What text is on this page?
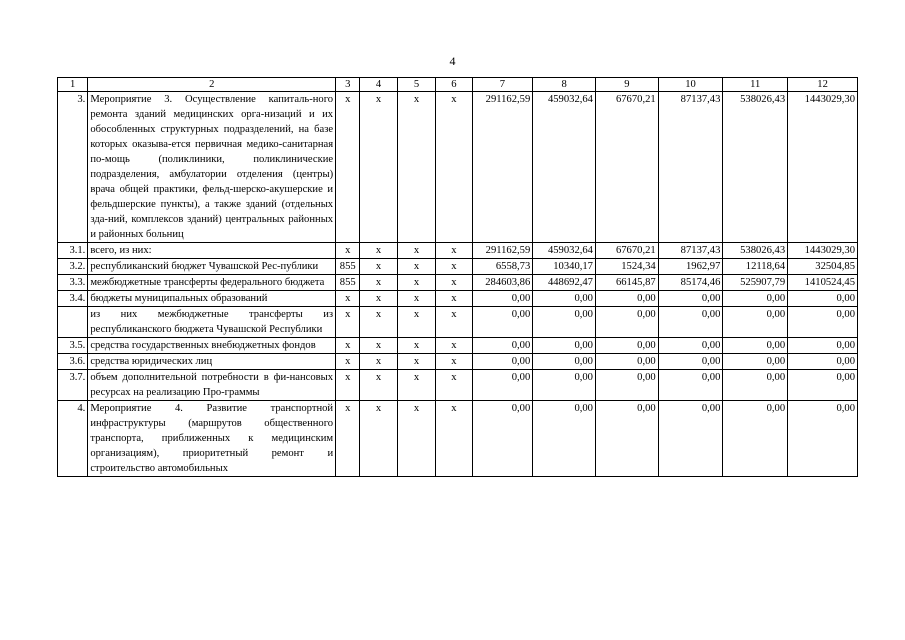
4
1	2	3	4	5	6	7	8	9	10	11	12
3.	Мероприятие 3. Осуществление капиталь-ного ремонта зданий медицинских орга-низаций и их обособленных структурных подразделений, на базе которых оказыва-ется первичная медико-санитарная по-мощь (поликлиники, поликлинические подразделения, амбулатории отделения (центры) врача общей практики, фельд-шерско-акушерские и фельдшерские пункты), а также зданий (отдельных зда-ний, комплексов зданий) центральных районных и районных больниц	x	x	x	x	291162,59	459032,64	67670,21	87137,43	538026,43	1443029,30
3.1.	всего, из них:	x	x	x	x	291162,59	459032,64	67670,21	87137,43	538026,43	1443029,30
3.2.	республиканский бюджет Чувашской Рес-публики	855	x	x	x	6558,73	10340,17	1524,34	1962,97	12118,64	32504,85
3.3.	межбюджетные трансферты федерального бюджета	855	x	x	x	284603,86	448692,47	66145,87	85174,46	525907,79	1410524,45
3.4.	бюджеты муниципальных образований	x	x	x	x	0,00	0,00	0,00	0,00	0,00	0,00
	из них межбюджетные трансферты из республиканского бюджета Чувашской Республики	x	x	x	x	0,00	0,00	0,00	0,00	0,00	0,00
3.5.	средства государственных внебюджетных фондов	x	x	x	x	0,00	0,00	0,00	0,00	0,00	0,00
3.6.	средства юридических лиц	x	x	x	x	0,00	0,00	0,00	0,00	0,00	0,00
3.7.	объем дополнительной потребности в фи-нансовых ресурсах на реализацию Про-граммы	x	x	x	x	0,00	0,00	0,00	0,00	0,00	0,00
4.	Мероприятие 4. Развитие транспортной инфраструктуры (маршрутов общественного транспорта, приближенных к медицинским организациям), приоритетный ремонт и строительство автомобильных	x	x	x	x	0,00	0,00	0,00	0,00	0,00	0,00
